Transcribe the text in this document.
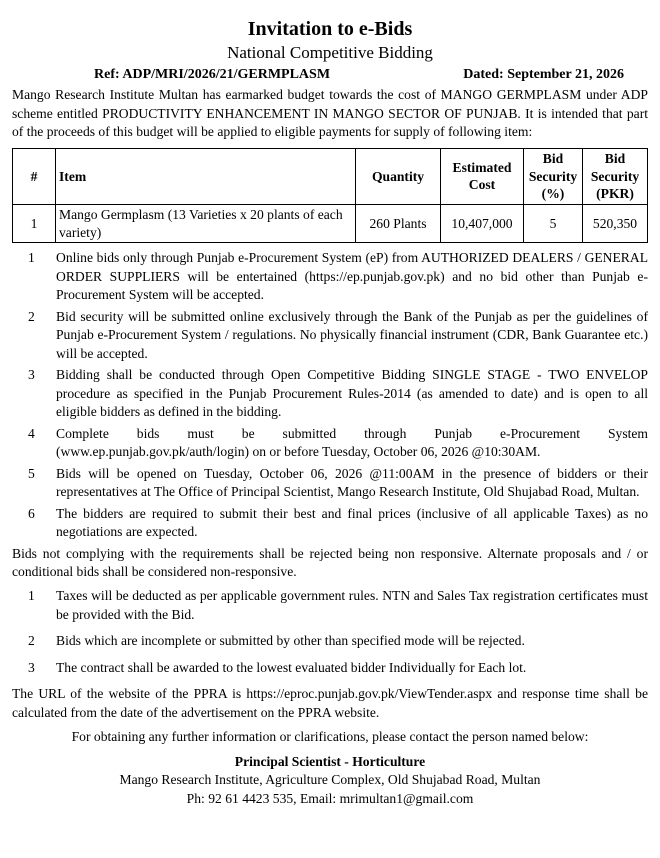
Invitation to e-Bids
National Competitive Bidding
Ref: ADP/MRI/2026/21/GERMPLASM	Dated: September 21, 2026

Mango Research Institute Multan has earmarked budget towards the cost of MANGO GERMPLASM under ADP scheme entitled PRODUCTIVITY ENHANCEMENT IN MANGO SECTOR OF PUNJAB. It is intended that part of the proceeds of this budget will be applied to eligible payments for supply of following item:

#	Item	Quantity	Estimated Cost	Bid Security (%)	Bid Security (PKR)
1	Mango Germplasm (13 Varieties x 20 plants of each variety)	260 Plants	10,407,000	5	520,350
1	Online bids only through Punjab e-Procurement System (eP) from AUTHORIZED DEALERS / GENERAL ORDER SUPPLIERS will be entertained (https://ep.punjab.gov.pk) and no bid other than Punjab e-Procurement System will be accepted.
2	Bid security will be submitted online exclusively through the Bank of the Punjab as per the guidelines of Punjab e-Procurement System / regulations. No physically financial instrument (CDR, Bank Guarantee etc.) will be accepted.
3	Bidding shall be conducted through Open Competitive Bidding SINGLE STAGE - TWO ENVELOP procedure as specified in the Punjab Procurement Rules-2014 (as amended to date) and is open to all eligible bidders as defined in the bidding.
4	Complete bids must be submitted through Punjab e-Procurement System (www.ep.punjab.gov.pk/auth/login) on or before Tuesday, October 06, 2026 @10:30AM.
5	Bids will be opened on Tuesday, October 06, 2026 @11:00AM in the presence of bidders or their representatives at The Office of Principal Scientist, Mango Research Institute, Old Shujabad Road, Multan.
6	The bidders are required to submit their best and final prices (inclusive of all applicable Taxes) as no negotiations are expected.

Bids not complying with the requirements shall be rejected being non responsive. Alternate proposals and / or conditional bids shall be considered non-responsive.

1	Taxes will be deducted as per applicable government rules. NTN and Sales Tax registration certificates must be provided with the Bid.
2	Bids which are incomplete or submitted by other than specified mode will be rejected.
3	The contract shall be awarded to the lowest evaluated bidder Individually for Each lot.

The URL of the website of the PPRA is https://eproc.punjab.gov.pk/ViewTender.aspx and response time shall be calculated from the date of the advertisement on the PPRA website.

For obtaining any further information or clarifications, please contact the person named below:

Principal Scientist - Horticulture

Mango Research Institute, Agriculture Complex, Old Shujabad Road, Multan

Ph: 92 61 4423 535, Email: mrimultan1@gmail.com
